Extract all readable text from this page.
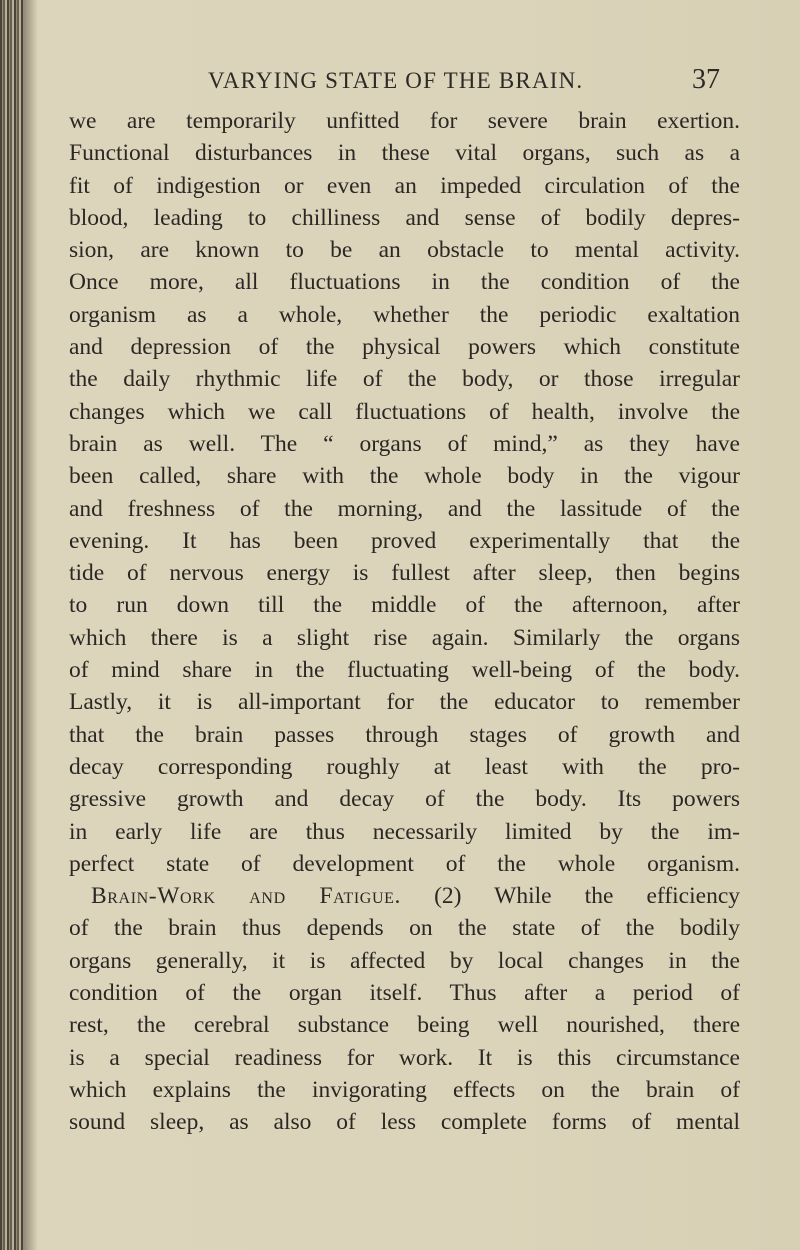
VARYING STATE OF THE BRAIN.	37
we are temporarily unfitted for severe brain exertion.
Functional disturbances in these vital organs, such as a
fit of indigestion or even an impeded circulation of the
blood, leading to chilliness and sense of bodily depres-
sion, are known to be an obstacle to mental activity.
Once more, all fluctuations in the condition of the
organism as a whole, whether the periodic exaltation
and depression of the physical powers which constitute
the daily rhythmic life of the body, or those irregular
changes which we call fluctuations of health, involve the
brain as well. The “ organs of mind,” as they have
been called, share with the whole body in the vigour
and freshness of the morning, and the lassitude of the
evening. It has been proved experimentally that the
tide of nervous energy is fullest after sleep, then begins
to run down till the middle of the afternoon, after
which there is a slight rise again. Similarly the organs
of mind share in the fluctuating well-being of the body.
Lastly, it is all-important for the educator to remember
that the brain passes through stages of growth and
decay corresponding roughly at least with the pro-
gressive growth and decay of the body. Its powers
in early life are thus necessarily limited by the im-
perfect state of development of the whole organism.
Brain-Work and Fatigue. (2) While the efficiency
of the brain thus depends on the state of the bodily
organs generally, it is affected by local changes in the
condition of the organ itself. Thus after a period of
rest, the cerebral substance being well nourished, there
is a special readiness for work. It is this circumstance
which explains the invigorating effects on the brain of
sound sleep, as also of less complete forms of mental
